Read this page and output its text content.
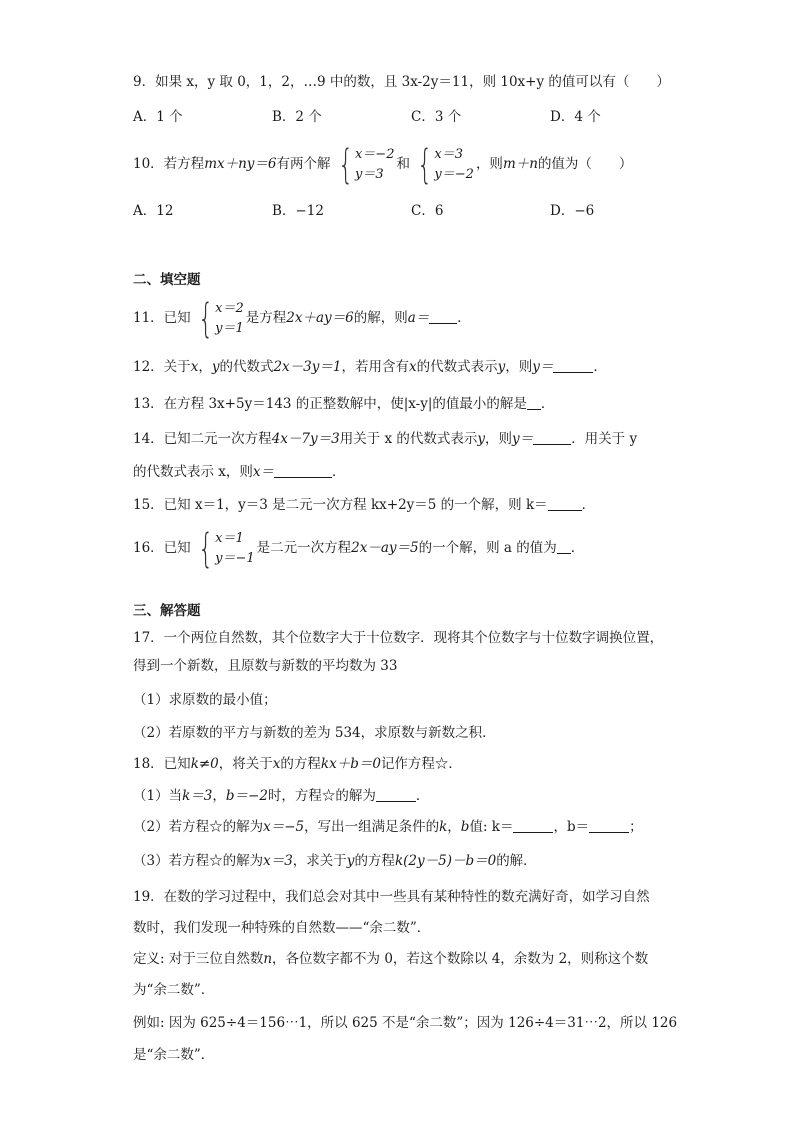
9．如果 x，y 取 0，1，2，…9 中的数，且 3x-2y＝11，则 10x+y 的值可以有（　　）
A．1 个	B．2 个	C．3 个	D．4 个
10．若方程mx＋ny＝6有两个解 { x＝−2
y＝3
和 { x＝3
y＝−2
，则m＋n的值为（　　）
A．12	B．−12	C．6	D．−6
二、填空题
11．已知 { x＝2
y＝1
是方程2x＋ay＝6的解，则a＝ ．
12．关于x，y的代数式2x－3y＝1，若用含有x的代数式表示y，则y＝	．
13．在方程 3x+5y＝143 的正整数解中，使|x-y|的值最小的解是 ．
14．已知二元一次方程4x－7y＝3用关于 x 的代数式表示y，则y＝	．用关于 y
的代数式表示 x，则x＝	．
15．已知 x＝1，y＝3 是二元一次方程 kx+2y＝5 的一个解，则 k＝	．
16．已知 { x＝1
y＝−1
是二元一次方程2x－ay＝5的一个解，则 a 的值为 ．
三、解答题
17．一个两位自然数，其个位数字大于十位数字．现将其个位数字与十位数字调换位置，
得到一个新数，且原数与新数的平均数为 33
（1）求原数的最小值；
（2）若原数的平方与新数的差为 534，求原数与新数之积．
18．已知k≠0，将关于x的方程kx＋b＝0记作方程☆．
（1）当k＝3，b＝−2时，方程☆的解为	．
（2）若方程☆的解为x＝−5，写出一组满足条件的k，b值: k＝	，b＝	；
（3）若方程☆的解为x＝3，求关于y的方程k(2y－5)－b＝0的解．
19．在数的学习过程中，我们总会对其中一些具有某种特性的数充满好奇，如学习自然
数时，我们发现一种特殊的自然数——“余二数”．
定义: 对于三位自然数n，各位数字都不为 0，若这个数除以 4，余数为 2，则称这个数
为“余二数”．
例如: 因为 625÷4＝156⋯1，所以 625 不是“余二数”；因为 126÷4＝31⋯2，所以 126
是“余二数”．
